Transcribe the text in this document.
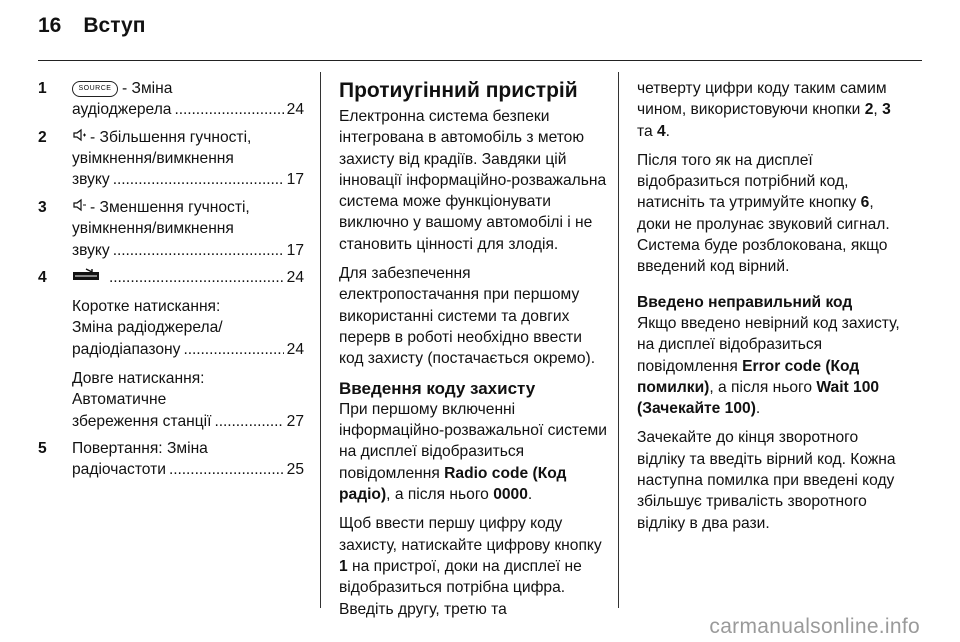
16 Вступ
1	SOURCE - Зміна
аудіоджерела . . .	24
2	- Збільшення гучності,
увімкнення/вимкнення
звуку . . .	17
3	- Зменшення гучності,
увімкнення/вимкнення
звуку . . .	17
4 . . .	24
Коротке натискання:
Зміна радіоджерела/
радіодіапазону . . .	24
Довге натискання:
Автоматичне
збереження станції . . .	27
5 Повертання: Зміна
радіочастоти . . .	25
Протиугінний пристрій

Електронна система безпеки інтегрована в автомобіль з метою захисту від крадіїв. Завдяки цій інновації інформаційно-розважальна система може функціонувати виключно у вашому автомобілі і не становить цінності для злодія.

Для забезпечення електропостачання при першому використанні системи та довгих перерв в роботі необхідно ввести код захисту (постачається окремо).

Введення коду захисту

При першому включенні інформаційно-розважальної системи на дисплеї відобразиться повідомлення Radio code (Код радіо), а після нього 0000.

Щоб ввести першу цифру коду захисту, натискайте цифрову кнопку 1 на пристрої, доки на дисплеї не відобразиться потрібна цифра. Введіть другу, третю та

четверту цифри коду таким самим чином, використовуючи кнопки 2, 3 та 4.

Після того як на дисплеї відобразиться потрібний код, натисніть та утримуйте кнопку 6, доки не пролунає звуковий сигнал. Система буде розблокована, якщо введений код вірний.

Введено неправильний код

Якщо введено невірний код захисту, на дисплеї відобразиться повідомлення Error code (Код помилки), а після нього Wait 100 (Зачекайте 100).

Зачекайте до кінця зворотного відліку та введіть вірний код. Кожна наступна помилка при введені коду збільшує тривалість зворотного відліку в два рази.

carmanualsonline.info
